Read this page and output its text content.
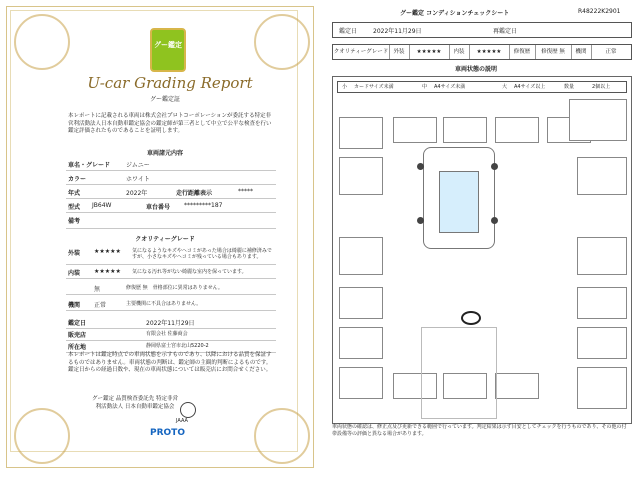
グー鑑定
U-car Grading Report
グー鑑定証
本レポートに記載される車両は株式会社プロトコーポレーションが委託する特定非営利活動法人日本自動車鑑定協会の鑑定師が第三者として中立で公平な検査を行い鑑定評価されたものであることを証明します。
車両諸元内容
車名・グレード	ジムニー
カラー	ホワイト
年式	2022年	走行距離表示	*****
型式 JB64W	車台番号 *********187
備考
クオリティーグレード
外装 ★★★★★ 気になるようなキズやヘコミがあった場合は綺麗に補修済みですが、小さなキズやヘコミが残っている場合もあります。
内装 ★★★★★ 気になる汚れ等がない綺麗な室内を保っています。
無	修復歴 無　骨格部位に異常はありません。
機関 正常	主要機関に不具合はありません。
鑑定日	2022年11月29日
販売店	有限会社 佐藤商会
所在地	静岡県富士宮市北山5220-2
本レポートは鑑定時点での車両状態を示すものであり、以降における品質を保証するものではありません。車両状態の判断は、鑑定師の主観的判断によるものです。鑑定日からの経過日数や、現在の車両状態については販売店にお問合せください。
グー鑑定 品質検査委託先 特定非営利活動法人 日本自動車鑑定協会
JAAA
PROTO
グー鑑定 コンディションチェックシート	R48222K2901
鑑定日	2022年11月29日	再鑑定日
クオリティーグレード 外装	★★★★★	内装	★★★★★	修復歴	修復歴 無	機関	正常
車両状態の説明
小 カードサイズ未満	中 A4サイズ未満	大 A4サイズ以上	数量	2個以上
車両状態の確認は、修正点及び更新できる範囲で行っています。判定結果は示す目安としてチェックを行うものであり、その他の付帯設備等の評価と異なる場合があります。
